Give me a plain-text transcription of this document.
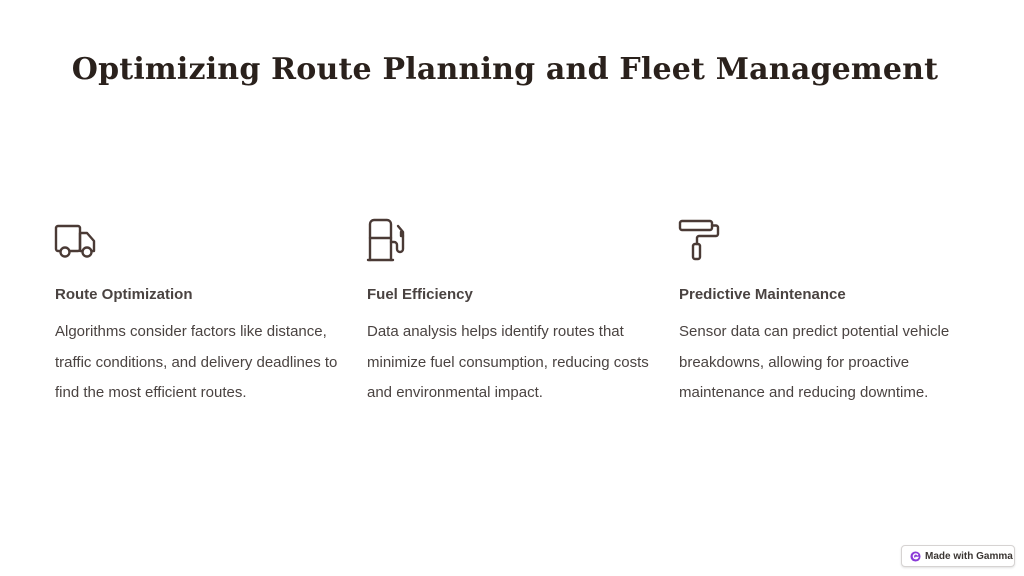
Optimizing Route Planning and Fleet Management
Route Optimization
Algorithms consider factors like distance, traffic conditions, and delivery deadlines to find the most efficient routes.
Fuel Efficiency
Data analysis helps identify routes that minimize fuel consumption, reducing costs and environmental impact.
Predictive Maintenance
Sensor data can predict potential vehicle breakdowns, allowing for proactive maintenance and reducing downtime.
Made with Gamma
